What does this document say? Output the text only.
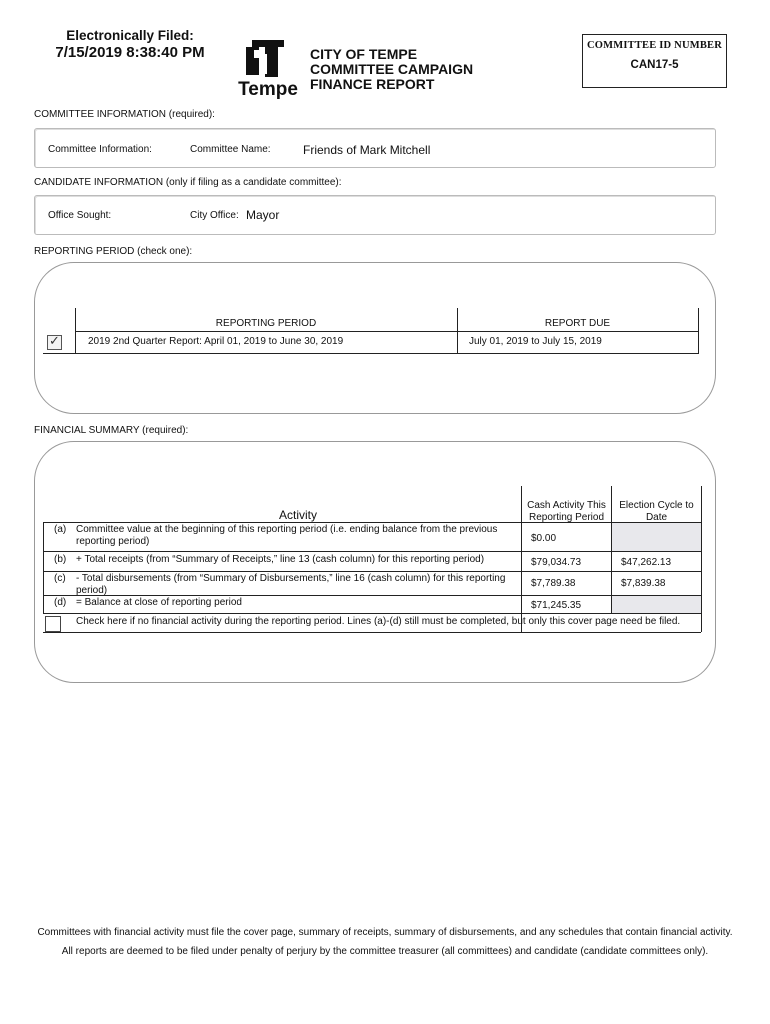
Electronically Filed:
7/15/2019 8:38:40 PM
Tempe
CITY OF TEMPE
COMMITTEE CAMPAIGN
FINANCE REPORT
COMMITTEE ID NUMBER
CAN17-5
COMMITTEE INFORMATION (required):
Committee Information:	Committee Name:	Friends of Mark Mitchell
CANDIDATE INFORMATION (only if filing as a candidate committee):
Office Sought:	City Office: Mayor
REPORTING PERIOD (check one):
REPORTING PERIOD	REPORT DUE
✓	2019 2nd Quarter Report: April 01, 2019 to June 30, 2019	July 01, 2019 to July 15, 2019
FINANCIAL SUMMARY (required):
Activity
Cash Activity This
Reporting Period
Election Cycle to
Date
(a) Committee value at the beginning of this reporting period (i.e. ending balance from the previous
reporting period)	$0.00
(b) + Total receipts (from “Summary of Receipts,” line 13 (cash column) for this reporting period)	$79,034.73	$47,262.13
(c) - Total disbursements (from “Summary of Disbursements,” line 16 (cash column) for this reporting
period)
$7,789.38	$7,839.38
(d) = Balance at close of reporting period	$71,245.35
Check here if no financial activity during the reporting period. Lines (a)-(d) still must be completed, but only this cover page need be filed.
Committees with financial activity must file the cover page, summary of receipts, summary of disbursements, and any schedules that contain financial activity.
All reports are deemed to be filed under penalty of perjury by the committee treasurer (all committees) and candidate (candidate committees only).
